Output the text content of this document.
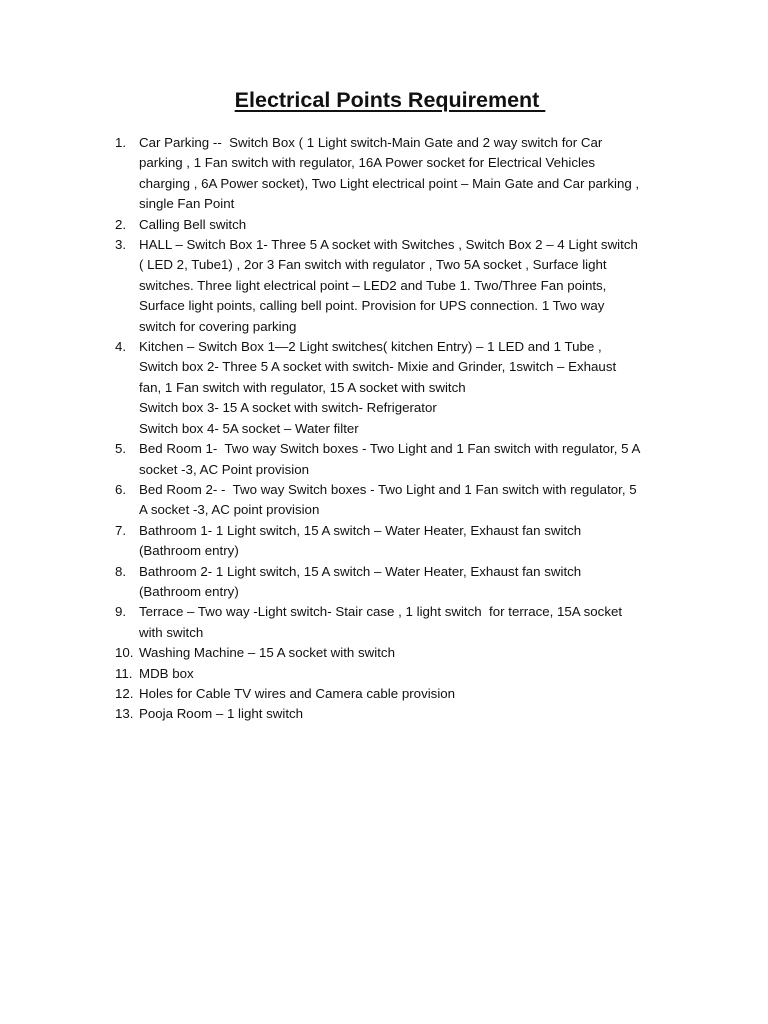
Electrical Points Requirement
1. Car Parking --  Switch Box ( 1 Light switch-Main Gate and 2 way switch for Car
parking , 1 Fan switch with regulator, 16A Power socket for Electrical Vehicles
charging , 6A Power socket), Two Light electrical point – Main Gate and Car parking ,
single Fan Point
2. Calling Bell switch
3. HALL – Switch Box 1- Three 5 A socket with Switches , Switch Box 2 – 4 Light switch
( LED 2, Tube1) , 2or 3 Fan switch with regulator , Two 5A socket , Surface light
switches. Three light electrical point – LED2 and Tube 1. Two/Three Fan points,
Surface light points, calling bell point. Provision for UPS connection. 1 Two way
switch for covering parking
4. Kitchen – Switch Box 1—2 Light switches( kitchen Entry) – 1 LED and 1 Tube ,
Switch box 2- Three 5 A socket with switch- Mixie and Grinder, 1switch – Exhaust
fan, 1 Fan switch with regulator, 15 A socket with switch
Switch box 3- 15 A socket with switch- Refrigerator
Switch box 4- 5A socket – Water filter
5. Bed Room 1-  Two way Switch boxes - Two Light and 1 Fan switch with regulator, 5 A
socket -3, AC Point provision
6. Bed Room 2- -  Two way Switch boxes - Two Light and 1 Fan switch with regulator, 5
A socket -3, AC point provision
7. Bathroom 1- 1 Light switch, 15 A switch – Water Heater, Exhaust fan switch
(Bathroom entry)
8. Bathroom 2- 1 Light switch, 15 A switch – Water Heater, Exhaust fan switch
(Bathroom entry)
9. Terrace – Two way -Light switch- Stair case , 1 light switch  for terrace, 15A socket
with switch
10. Washing Machine – 15 A socket with switch
11. MDB box
12. Holes for Cable TV wires and Camera cable provision
13. Pooja Room – 1 light switch
